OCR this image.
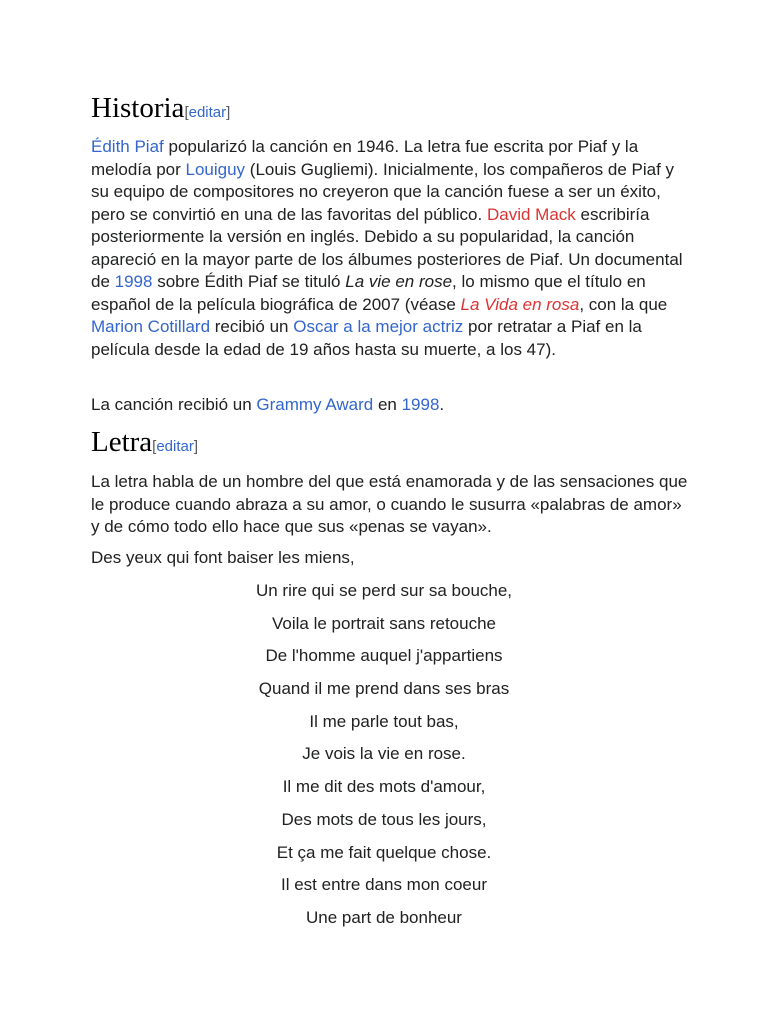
Historia[editar]

Édith Piaf popularizó la canción en 1946. La letra fue escrita por Piaf y la melodía por Louiguy (Louis Gugliemi). Inicialmente, los compañeros de Piaf y su equipo de compositores no creyeron que la canción fuese a ser un éxito, pero se convirtió en una de las favoritas del público. David Mack escribiría posteriormente la versión en inglés. Debido a su popularidad, la canción apareció en la mayor parte de los álbumes posteriores de Piaf. Un documental de 1998 sobre Édith Piaf se tituló La vie en rose, lo mismo que el título en español de la película biográfica de 2007 (véase La Vida en rosa, con la que Marion Cotillard recibió un Oscar a la mejor actriz por retratar a Piaf en la película desde la edad de 19 años hasta su muerte, a los 47).

La canción recibió un Grammy Award en 1998.

Letra[editar]

La letra habla de un hombre del que está enamorada y de las sensaciones que le produce cuando abraza a su amor, o cuando le susurra «palabras de amor» y de cómo todo ello hace que sus «penas se vayan».

Des yeux qui font baiser les miens,

Un rire qui se perd sur sa bouche,
Voila le portrait sans retouche
De l'homme auquel j'appartiens
Quand il me prend dans ses bras
Il me parle tout bas,
Je vois la vie en rose.
Il me dit des mots d'amour,
Des mots de tous les jours,
Et ça me fait quelque chose.
Il est entre dans mon coeur
Une part de bonheur
